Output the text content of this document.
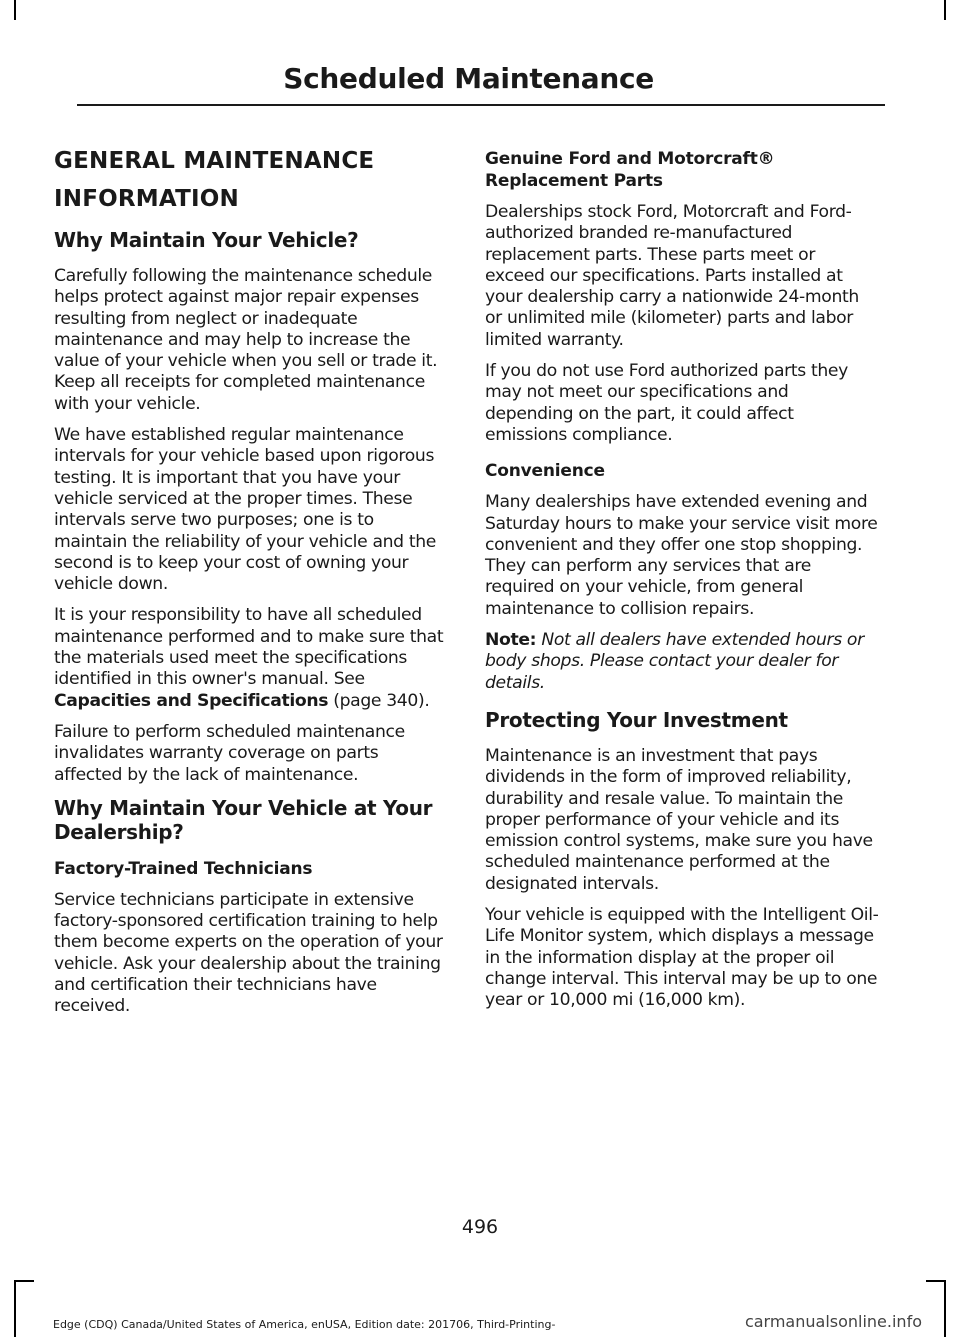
Scheduled Maintenance
GENERAL MAINTENANCE
INFORMATION
Why Maintain Your Vehicle?

Carefully following the maintenance schedule helps protect against major repair expenses resulting from neglect or inadequate maintenance and may help to increase the value of your vehicle when you sell or trade it. Keep all receipts for completed maintenance with your vehicle.

We have established regular maintenance intervals for your vehicle based upon rigorous testing. It is important that you have your vehicle serviced at the proper times. These intervals serve two purposes; one is to maintain the reliability of your vehicle and the second is to keep your cost of owning your vehicle down.

It is your responsibility to have all scheduled maintenance performed and to make sure that the materials used meet the specifications identified in this owner's manual. See Capacities and Specifications (page 340).

Failure to perform scheduled maintenance invalidates warranty coverage on parts affected by the lack of maintenance.

Why Maintain Your Vehicle at Your Dealership?
Factory-Trained Technicians

Service technicians participate in extensive factory-sponsored certification training to help them become experts on the operation of your vehicle. Ask your dealership about the training and certification their technicians have received.

Genuine Ford and Motorcraft® Replacement Parts

Dealerships stock Ford, Motorcraft and Ford-authorized branded re-manufactured replacement parts. These parts meet or exceed our specifications. Parts installed at your dealership carry a nationwide 24-month or unlimited mile (kilometer) parts and labor limited warranty.

If you do not use Ford authorized parts they may not meet our specifications and depending on the part, it could affect emissions compliance.

Convenience

Many dealerships have extended evening and Saturday hours to make your service visit more convenient and they offer one stop shopping. They can perform any services that are required on your vehicle, from general maintenance to collision repairs.

Note: Not all dealers have extended hours or body shops. Please contact your dealer for details.

Protecting Your Investment

Maintenance is an investment that pays dividends in the form of improved reliability, durability and resale value. To maintain the proper performance of your vehicle and its emission control systems, make sure you have scheduled maintenance performed at the designated intervals.

Your vehicle is equipped with the Intelligent Oil-Life Monitor system, which displays a message in the information display at the proper oil change interval. This interval may be up to one year or 10,000 mi (16,000 km).

496
Edge (CDQ) Canada/United States of America, enUSA, Edition date: 201706, Third-Printing-	carmanualsonline.info
